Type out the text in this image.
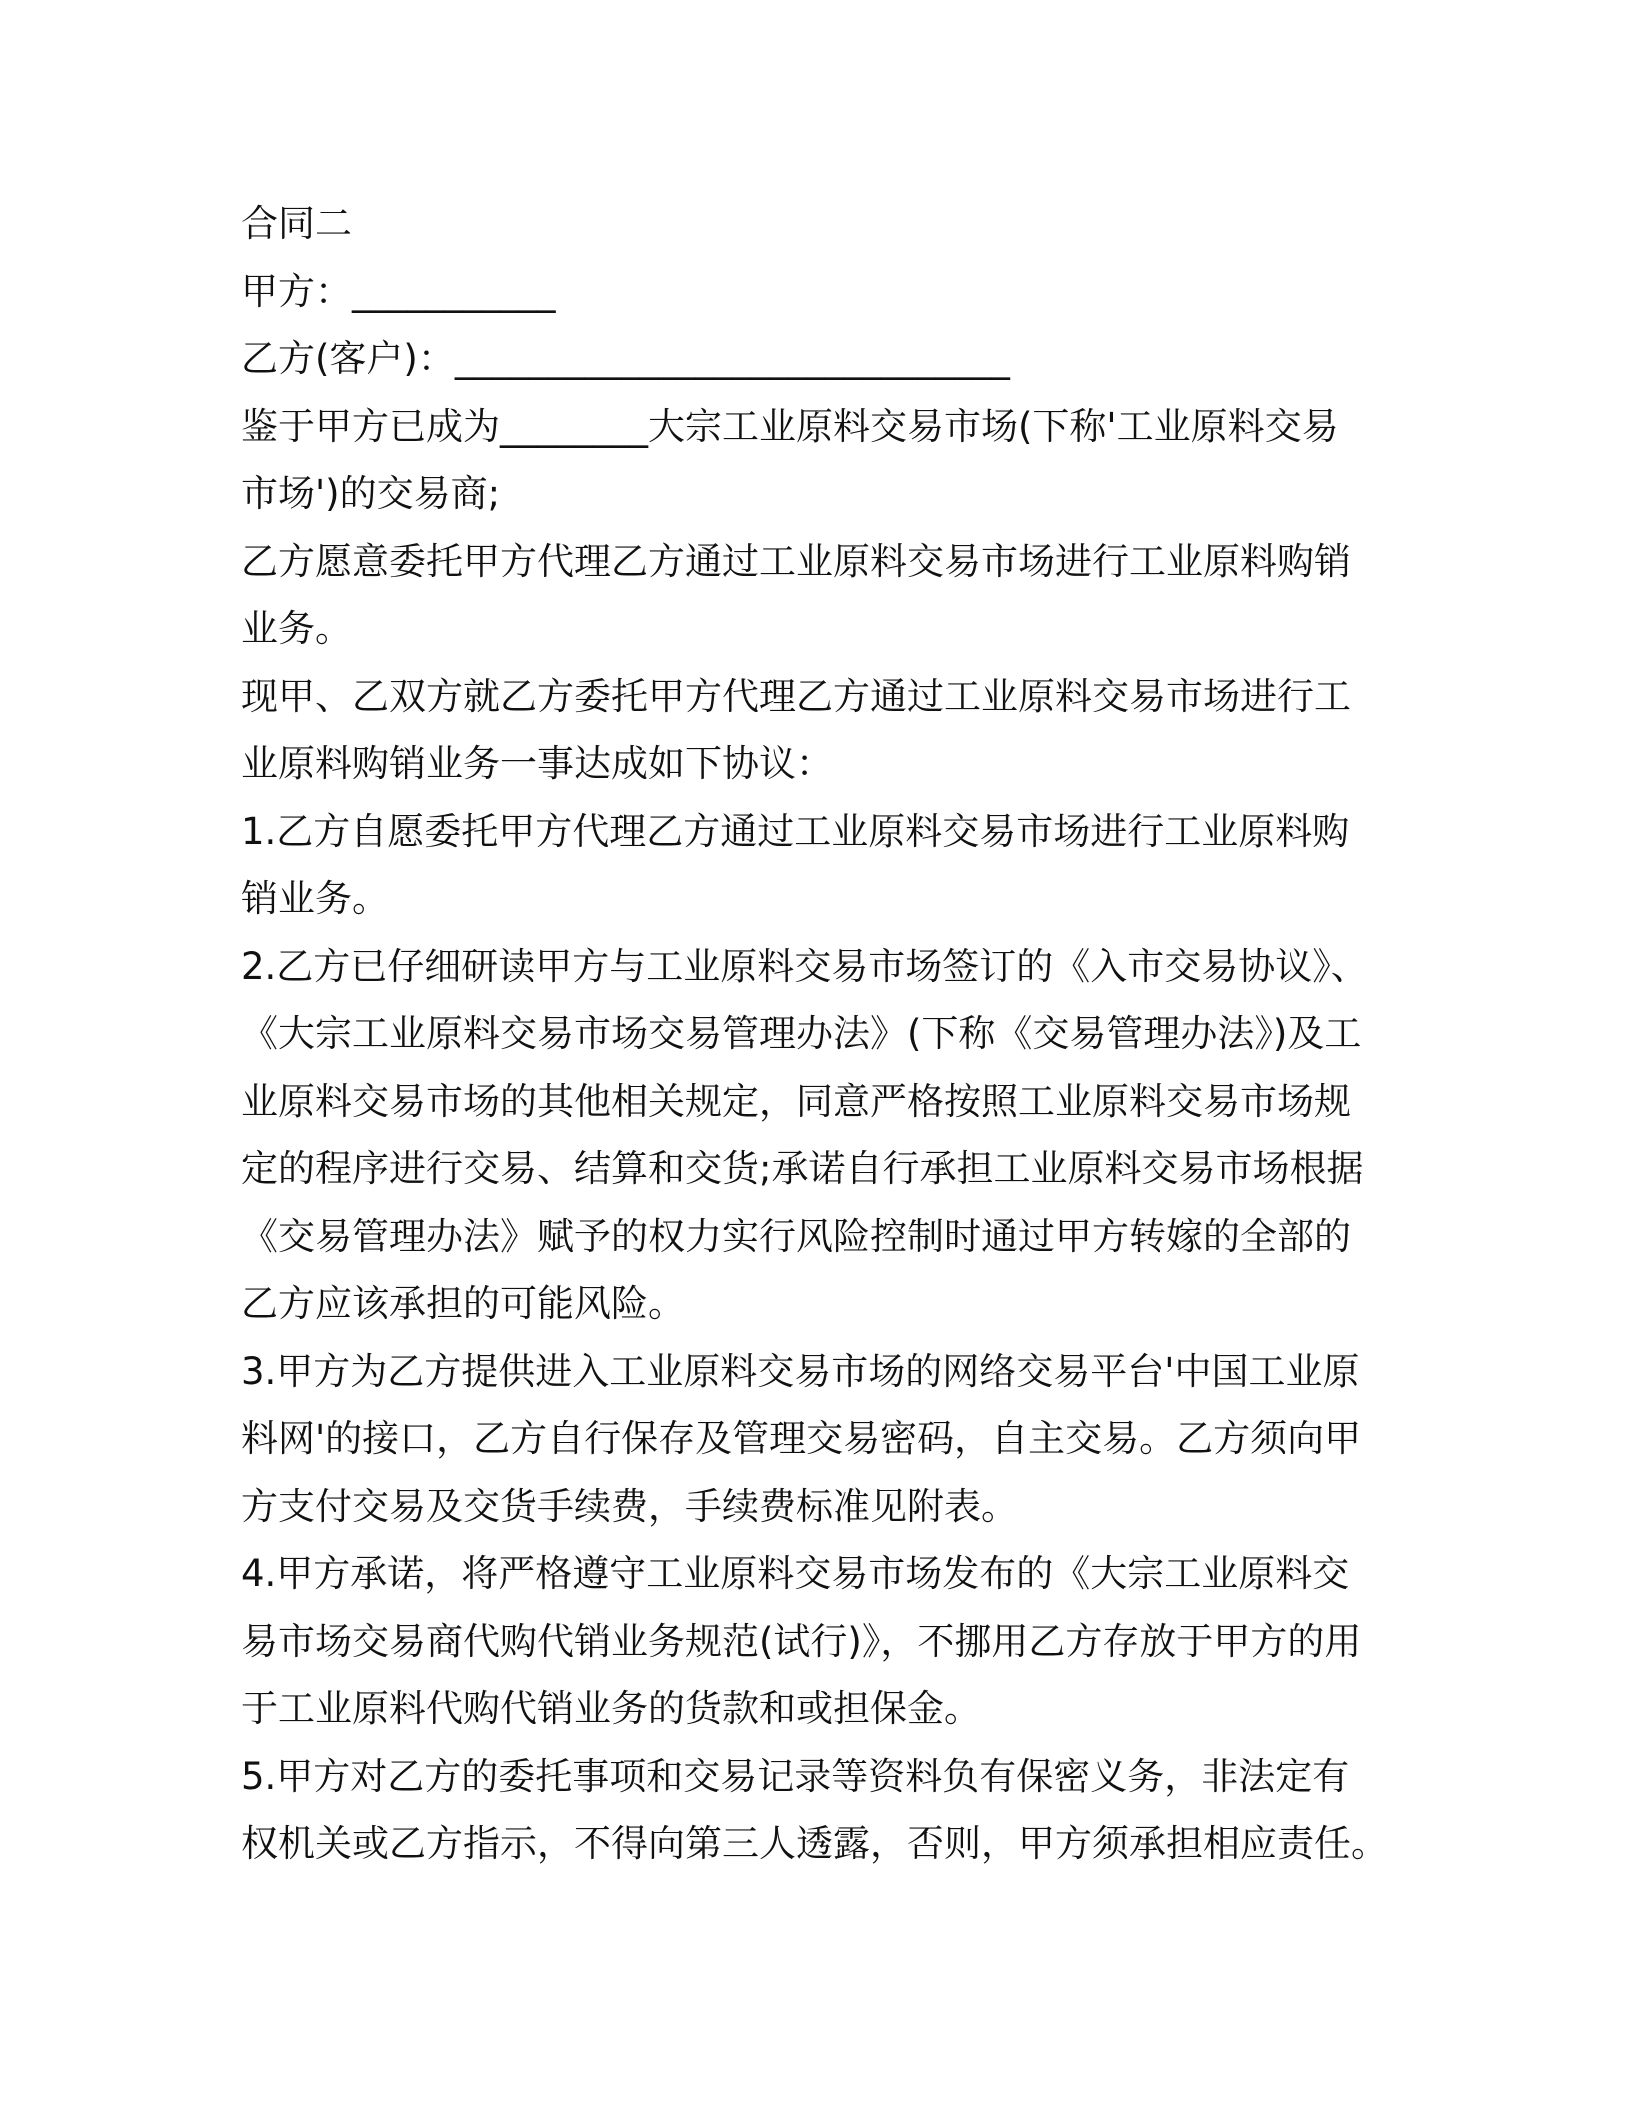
合同二

甲方：___________

乙方(客户)：______________________________

鉴于甲方已成为________大宗工业原料交易市场(下称'工业原料交易

市场')的交易商;

乙方愿意委托甲方代理乙方通过工业原料交易市场进行工业原料购销

业务。

现甲、乙双方就乙方委托甲方代理乙方通过工业原料交易市场进行工

业原料购销业务一事达成如下协议：

1.乙方自愿委托甲方代理乙方通过工业原料交易市场进行工业原料购

销业务。

2.乙方已仔细研读甲方与工业原料交易市场签订的《入市交易协议》、

《大宗工业原料交易市场交易管理办法》(下称《交易管理办法》)及工

业原料交易市场的其他相关规定，同意严格按照工业原料交易市场规

定的程序进行交易、结算和交货;承诺自行承担工业原料交易市场根据

《交易管理办法》赋予的权力实行风险控制时通过甲方转嫁的全部的

乙方应该承担的可能风险。

3.甲方为乙方提供进入工业原料交易市场的网络交易平台'中国工业原

料网'的接口，乙方自行保存及管理交易密码，自主交易。乙方须向甲

方支付交易及交货手续费，手续费标准见附表。

4.甲方承诺，将严格遵守工业原料交易市场发布的《大宗工业原料交

易市场交易商代购代销业务规范(试行)》，不挪用乙方存放于甲方的用

于工业原料代购代销业务的货款和或担保金。

5.甲方对乙方的委托事项和交易记录等资料负有保密义务，非法定有

权机关或乙方指示，不得向第三人透露，否则，甲方须承担相应责任。
